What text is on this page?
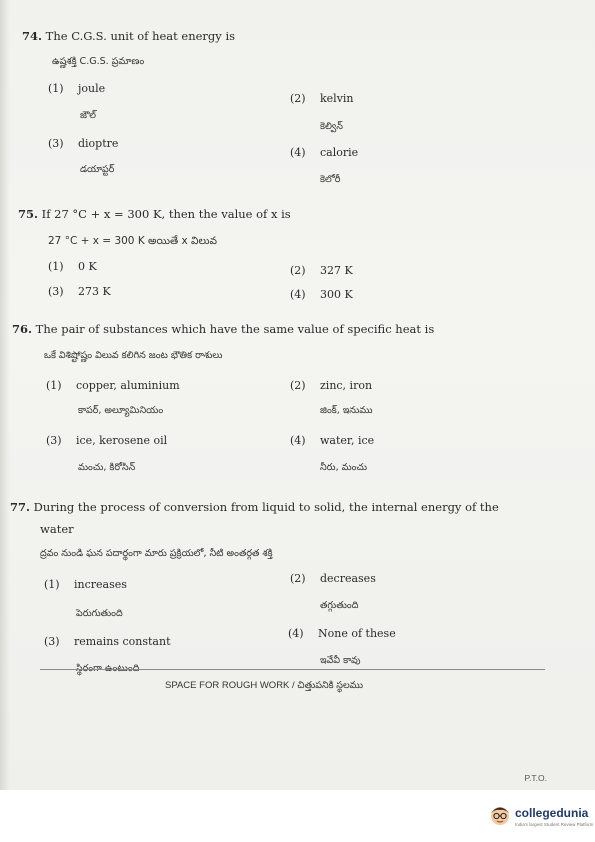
74. The C.G.S. unit of heat energy is
ఉష్ణశక్తి C.G.S. ప్రమాణం
(1) joule
జౌల్
(2) kelvin
కెల్విన్
(3) dioptre
డయాప్టర్
(4) calorie
కెలోరీ
75. If 27 °C + x = 300 K, then the value of x is
27 °C + x = 300 K అయితే x విలువ
(1) 0 K	(2) 327 K
(3) 273 K	(4) 300 K
76. The pair of substances which have the same value of specific heat is
ఒకే విశిష్టోష్ణం విలువ కలిగిన జంట భౌతిక రాశులు
(1) copper, aluminium
కాపర్, అల్యూమినియం
(2) zinc, iron
జింక్, ఇనుము
(3) ice, kerosene oil
మంచు, కిరోసిన్
(4) water, ice
నీరు, మంచు
77. During the process of conversion from liquid to solid, the internal energy of the
water
ద్రవం నుండి ఘన పదార్థంగా మారు ప్రక్రియలో, నీటి అంతర్గత శక్తి
(1) increases
పెరుగుతుంది
(2) decreases
తగ్గుతుంది
(3) remains constant
(4) None of these
ఇవేవీ కావు
SPACE FOR ROUGH WORK / చిత్తుపనికి స్థలము
P.T.O.
collegedunia
India's largest Student Review Platform
